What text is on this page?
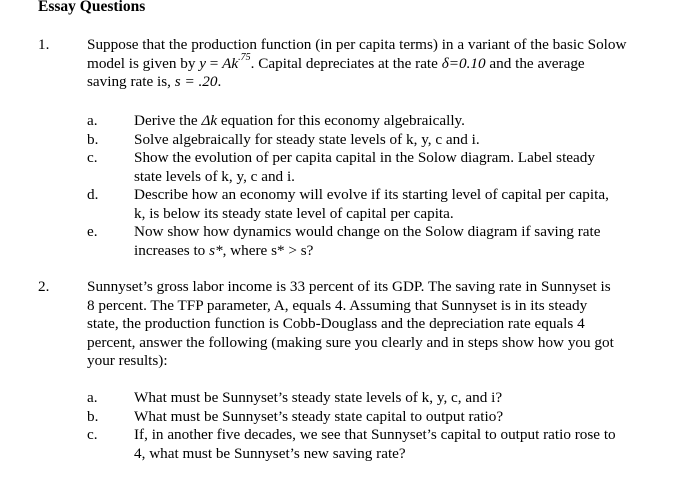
Essay Questions
1. Suppose that the production function (in per capita terms) in a variant of the basic Solow model is given by $y = Ak^{.75}$. Capital depreciates at the rate δ=0.10 and the average saving rate is, s = .20.
a. Derive the Δk equation for this economy algebraically.
b. Solve algebraically for steady state levels of k, y, c and i.
c. Show the evolution of per capita capital in the Solow diagram. Label steady state levels of k, y, c and i.
d. Describe how an economy will evolve if its starting level of capital per capita, k, is below its steady state level of capital per capita.
e. Now show how dynamics would change on the Solow diagram if saving rate increases to s*, where s* > s?
2. Sunnyset’s gross labor income is 33 percent of its GDP. The saving rate in Sunnyset is 8 percent. The TFP parameter, A, equals 4. Assuming that Sunnyset is in its steady state, the production function is Cobb-Douglass and the depreciation rate equals 4 percent, answer the following (making sure you clearly and in steps show how you got your results):
a. What must be Sunnyset’s steady state levels of k, y, c, and i?
b. What must be Sunnyset’s steady state capital to output ratio?
c. If, in another five decades, we see that Sunnyset’s capital to output ratio rose to 4, what must be Sunnyset’s new saving rate?
